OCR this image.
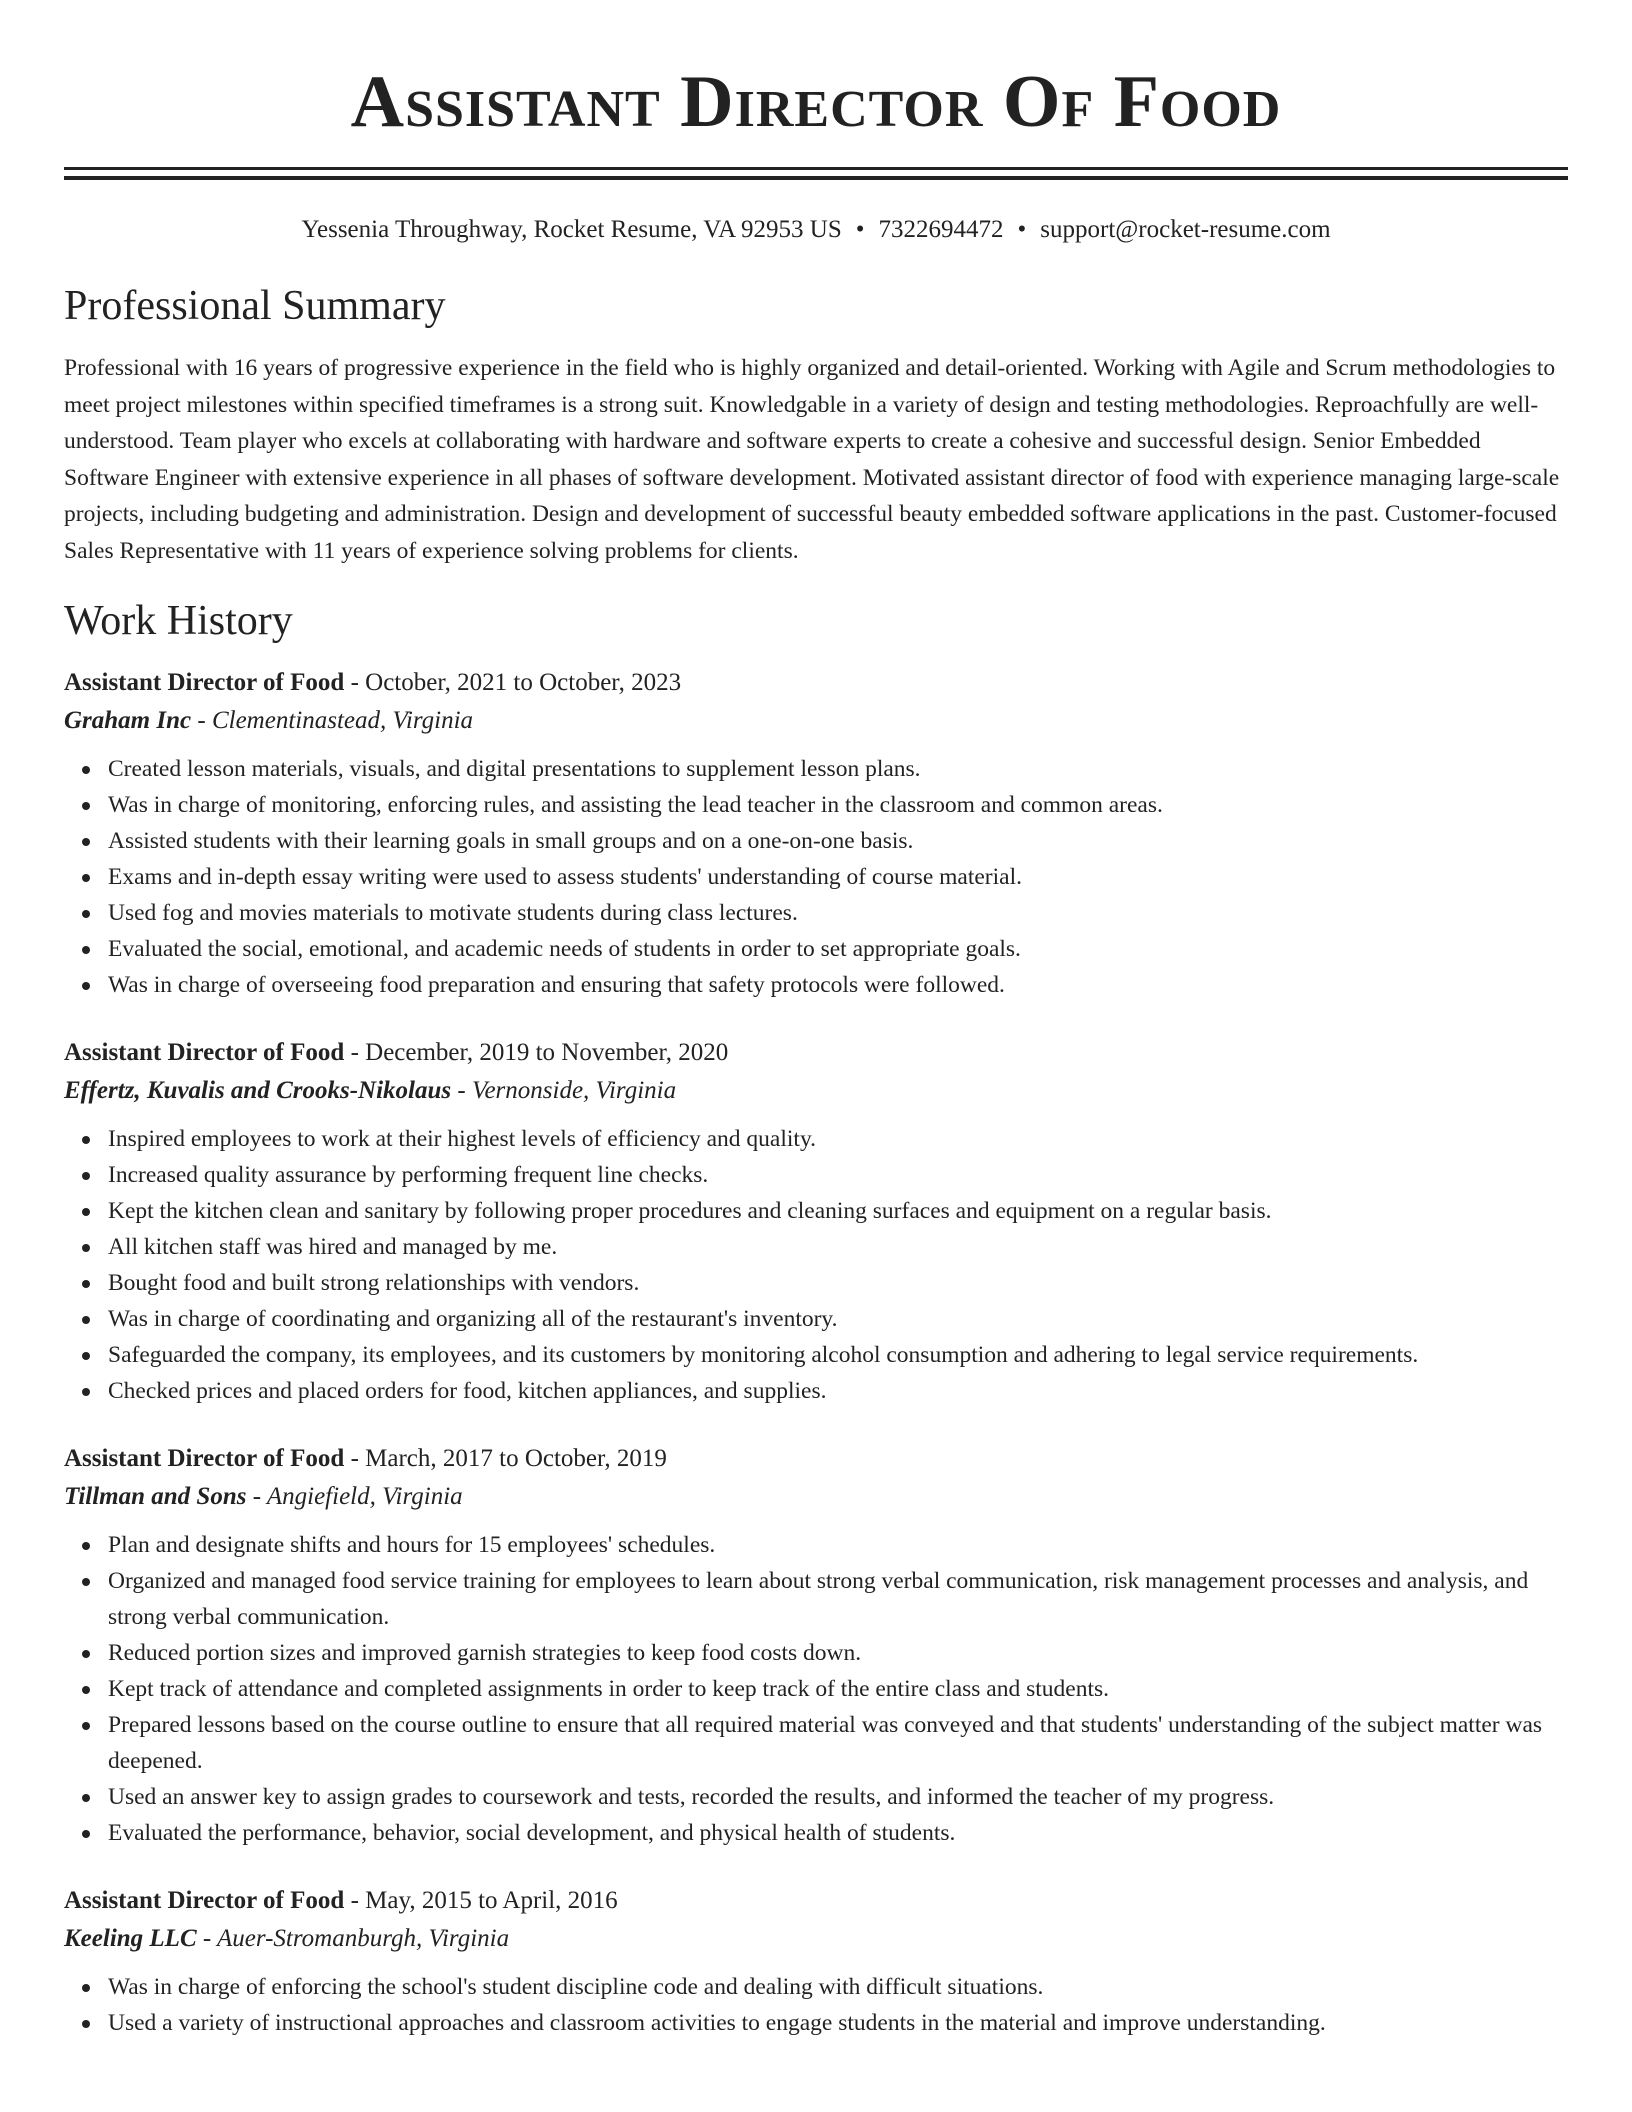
Assistant Director Of Food
Yessenia Throughway, Rocket Resume, VA 92953 US • 7322694472 • support@rocket-resume.com
Professional Summary

Professional with 16 years of progressive experience in the field who is highly organized and detail-oriented. Working with Agile and Scrum methodologies to meet project milestones within specified timeframes is a strong suit. Knowledgable in a variety of design and testing methodologies. Reproachfully are well-understood. Team player who excels at collaborating with hardware and software experts to create a cohesive and successful design. Senior Embedded Software Engineer with extensive experience in all phases of software development. Motivated assistant director of food with experience managing large-scale projects, including budgeting and administration. Design and development of successful beauty embedded software applications in the past. Customer-focused Sales Representative with 11 years of experience solving problems for clients.

Work History
Assistant Director of Food - October, 2021 to October, 2023
Graham Inc - Clementinastead, Virginia
Created lesson materials, visuals, and digital presentations to supplement lesson plans.
Was in charge of monitoring, enforcing rules, and assisting the lead teacher in the classroom and common areas.
Assisted students with their learning goals in small groups and on a one-on-one basis.
Exams and in-depth essay writing were used to assess students' understanding of course material.
Used fog and movies materials to motivate students during class lectures.
Evaluated the social, emotional, and academic needs of students in order to set appropriate goals.
Was in charge of overseeing food preparation and ensuring that safety protocols were followed.
Assistant Director of Food - December, 2019 to November, 2020
Effertz, Kuvalis and Crooks-Nikolaus - Vernonside, Virginia
Inspired employees to work at their highest levels of efficiency and quality.
Increased quality assurance by performing frequent line checks.
Kept the kitchen clean and sanitary by following proper procedures and cleaning surfaces and equipment on a regular basis.
All kitchen staff was hired and managed by me.
Bought food and built strong relationships with vendors.
Was in charge of coordinating and organizing all of the restaurant's inventory.
Safeguarded the company, its employees, and its customers by monitoring alcohol consumption and adhering to legal service requirements.
Checked prices and placed orders for food, kitchen appliances, and supplies.
Assistant Director of Food - March, 2017 to October, 2019
Tillman and Sons - Angiefield, Virginia
Plan and designate shifts and hours for 15 employees' schedules.
Organized and managed food service training for employees to learn about strong verbal communication, risk management processes and analysis, and strong verbal communication.
Reduced portion sizes and improved garnish strategies to keep food costs down.
Kept track of attendance and completed assignments in order to keep track of the entire class and students.
Prepared lessons based on the course outline to ensure that all required material was conveyed and that students' understanding of the subject matter was deepened.
Used an answer key to assign grades to coursework and tests, recorded the results, and informed the teacher of my progress.
Evaluated the performance, behavior, social development, and physical health of students.
Assistant Director of Food - May, 2015 to April, 2016
Keeling LLC - Auer-Stromanburgh, Virginia
Was in charge of enforcing the school's student discipline code and dealing with difficult situations.
Used a variety of instructional approaches and classroom activities to engage students in the material and improve understanding.
